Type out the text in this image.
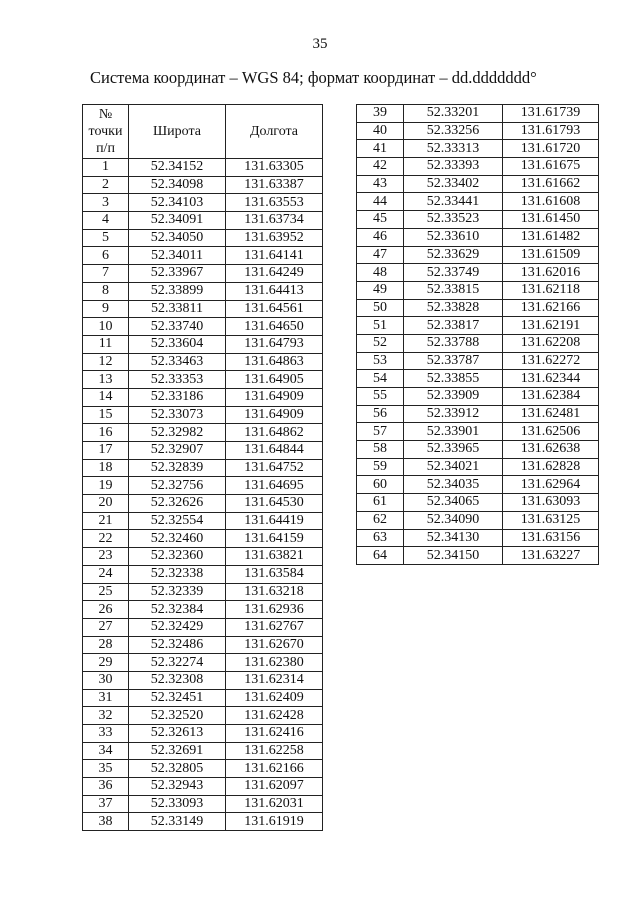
35
Система координат – WGS 84; формат координат – dd.ddddddd°
№
точки
п/п	Широта	Долгота
1	52.34152	131.63305
2	52.34098	131.63387
3	52.34103	131.63553
4	52.34091	131.63734
5	52.34050	131.63952
6	52.34011	131.64141
7	52.33967	131.64249
8	52.33899	131.64413
9	52.33811	131.64561
10	52.33740	131.64650
11	52.33604	131.64793
12	52.33463	131.64863
13	52.33353	131.64905
14	52.33186	131.64909
15	52.33073	131.64909
16	52.32982	131.64862
17	52.32907	131.64844
18	52.32839	131.64752
19	52.32756	131.64695
20	52.32626	131.64530
21	52.32554	131.64419
22	52.32460	131.64159
23	52.32360	131.63821
24	52.32338	131.63584
25	52.32339	131.63218
26	52.32384	131.62936
27	52.32429	131.62767
28	52.32486	131.62670
29	52.32274	131.62380
30	52.32308	131.62314
31	52.32451	131.62409
32	52.32520	131.62428
33	52.32613	131.62416
34	52.32691	131.62258
35	52.32805	131.62166
36	52.32943	131.62097
37	52.33093	131.62031
38	52.33149	131.61919
39	52.33201	131.61739
40	52.33256	131.61793
41	52.33313	131.61720
42	52.33393	131.61675
43	52.33402	131.61662
44	52.33441	131.61608
45	52.33523	131.61450
46	52.33610	131.61482
47	52.33629	131.61509
48	52.33749	131.62016
49	52.33815	131.62118
50	52.33828	131.62166
51	52.33817	131.62191
52	52.33788	131.62208
53	52.33787	131.62272
54	52.33855	131.62344
55	52.33909	131.62384
56	52.33912	131.62481
57	52.33901	131.62506
58	52.33965	131.62638
59	52.34021	131.62828
60	52.34035	131.62964
61	52.34065	131.63093
62	52.34090	131.63125
63	52.34130	131.63156
64	52.34150	131.63227
